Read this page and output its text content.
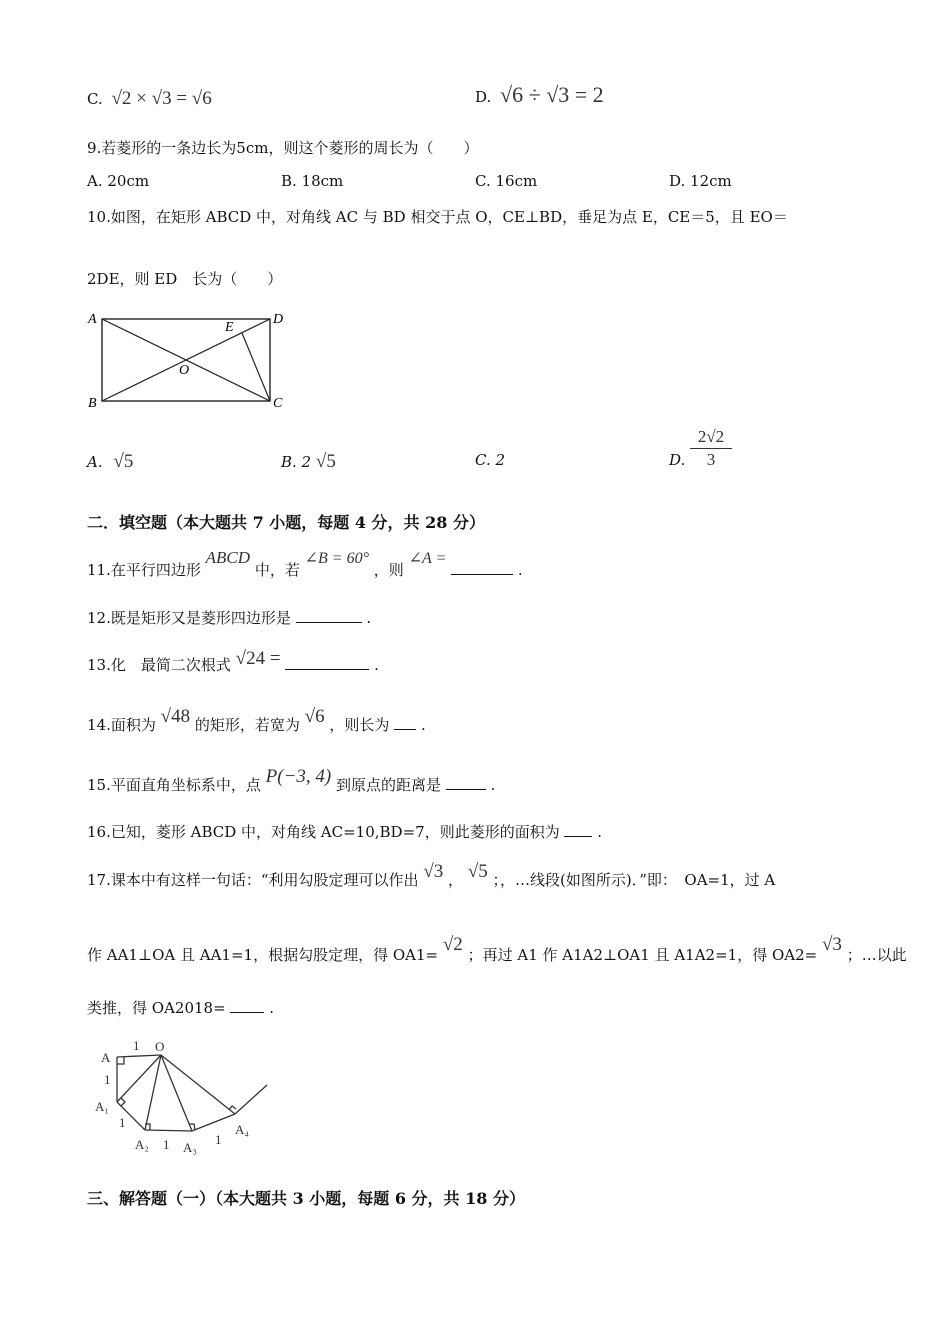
C. √2 × √3 = √6	D. √6 ÷ √3 = 2
9.若菱形的一条边长为5cm，则这个菱形的周长为（　　）
A. 20cm	B. 18cm	C. 16cm	D. 12cm
10.如图，在矩形 ABCD 中，对角线 AC 与 BD 相交于点 O，CE⊥BD，垂足为点 E，CE＝5，且 EO＝
2DE，则 ED　长为（　　）
A
B	C
D
E
O
A. √5	B. 2 √5	C. 2	D. $\frac{2√2}{3}$
二．填空题（本大题共 7 小题，每题 4 分，共 28 分）
11.在平行四边形 ABCD 中，若 ∠B = 60° ，则 ∠A =  .
12.既是矩形又是菱形四边形是	.
13.化　最简二次根式 √24 =	.
14.面积为 √48 的矩形，若宽为 √6 ，则长为 .
15.平面直角坐标系中，点 P(−3, 4) 到原点的距离是	.
16.已知，菱形 ABCD 中，对角线 AC=10,BD=7，则此菱形的面积为	.
17.课本中有这样一句话：“利用勾股定理可以作出 √3 ， √5 ；，…线段(如图所示)．”即：　OA=1，过 A
作 AA1⊥OA 且 AA1=1，根据勾股定理，得 OA1= √2 ；再过 A1 作 A1A2⊥OA1 且 A1A2=1，得 OA2= √3 ；…以此
类推，得 OA2018=	.
O
A
A₁
A₂	A₃
A₄
1
1
1
1	1
三、解答题（一）（本大题共 3 小题，每题 6 分，共 18 分）
